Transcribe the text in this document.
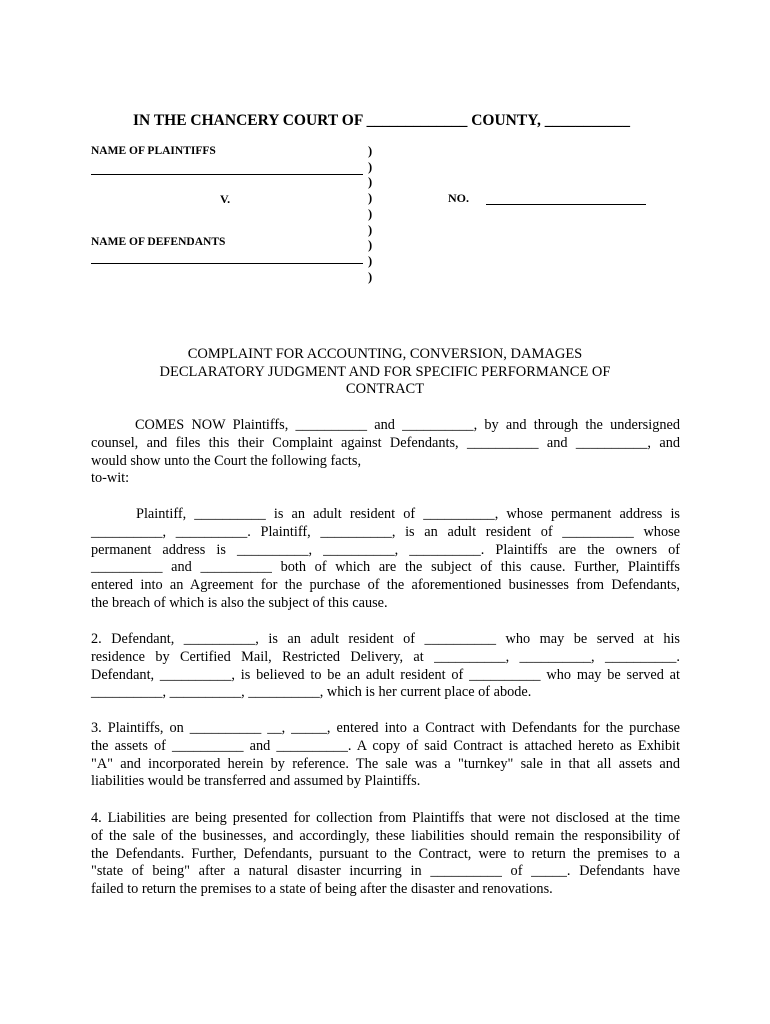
IN THE CHANCERY COURT OF _____________ COUNTY, ___________
NAME OF PLAINTIFFS
V.
NAME OF DEFENDANTS
)
)
)
)
)
)
)
)
)
NO.
COMPLAINT FOR ACCOUNTING, CONVERSION, DAMAGES
DECLARATORY JUDGMENT AND FOR SPECIFIC PERFORMANCE OF
CONTRACT
COMES NOW Plaintiffs, __________ and __________, by and through the undersigned
counsel, and files this their Complaint against Defendants, __________ and __________, and
would show unto the Court the following facts,
to-wit:
Plaintiff, __________ is an adult resident of __________, whose permanent address is
__________, __________. Plaintiff, __________, is an adult resident of __________ whose
permanent address is __________, __________, __________. Plaintiffs are the owners of
__________ and __________ both of which are the subject of this cause. Further, Plaintiffs
entered into an Agreement for the purchase of the aforementioned businesses from Defendants,
the breach of which is also the subject of this cause.
2. Defendant, __________, is an adult resident of __________ who may be served at his
residence by Certified Mail, Restricted Delivery, at __________, __________, __________.
Defendant, __________, is believed to be an adult resident of __________ who may be served at
__________, __________, __________, which is her current place of abode.
3. Plaintiffs, on __________ __, _____, entered into a Contract with Defendants for the purchase
the assets of __________ and __________. A copy of said Contract is attached hereto as Exhibit
"A" and incorporated herein by reference. The sale was a "turnkey" sale in that all assets and
liabilities would be transferred and assumed by Plaintiffs.
4. Liabilities are being presented for collection from Plaintiffs that were not disclosed at the time
of the sale of the businesses, and accordingly, these liabilities should remain the responsibility of
the Defendants. Further, Defendants, pursuant to the Contract, were to return the premises to a
"state of being" after a natural disaster incurring in __________ of _____. Defendants have
failed to return the premises to a state of being after the disaster and renovations.
